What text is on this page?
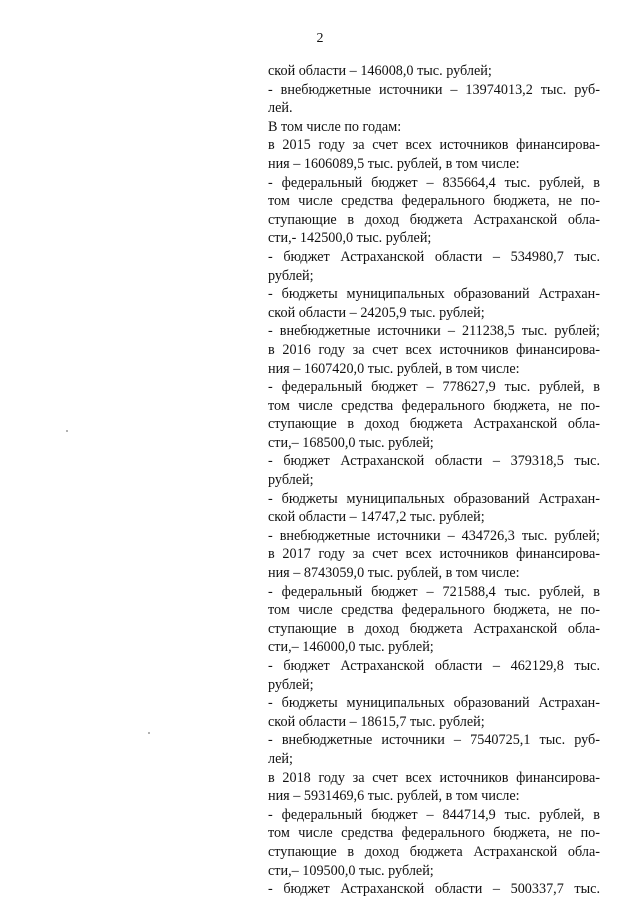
2
ской области – 146008,0 тыс. рублей;
- внебюджетные источники – 13974013,2 тыс. руб-
лей.
В том числе по годам:
в 2015 году за счет всех источников финансирова-
ния – 1606089,5 тыс. рублей, в том числе:
- федеральный бюджет – 835664,4 тыс. рублей, в
том числе средства федерального бюджета, не по-
ступающие в доход бюджета Астраханской обла-
сти,- 142500,0 тыс. рублей;
- бюджет Астраханской области – 534980,7 тыс.
рублей;
- бюджеты муниципальных образований Астрахан-
ской области – 24205,9 тыс. рублей;
- внебюджетные источники – 211238,5 тыс. рублей;
в 2016 году за счет всех источников финансирова-
ния – 1607420,0 тыс. рублей, в том числе:
- федеральный бюджет – 778627,9 тыс. рублей, в
том числе средства федерального бюджета, не по-
ступающие в доход бюджета Астраханской обла-
сти,– 168500,0 тыс. рублей;
- бюджет Астраханской области – 379318,5 тыс.
рублей;
- бюджеты муниципальных образований Астрахан-
ской области – 14747,2 тыс. рублей;
- внебюджетные источники – 434726,3 тыс. рублей;
в 2017 году за счет всех источников финансирова-
ния – 8743059,0 тыс. рублей, в том числе:
- федеральный бюджет – 721588,4 тыс. рублей, в
том числе средства федерального бюджета, не по-
ступающие в доход бюджета Астраханской обла-
сти,– 146000,0 тыс. рублей;
- бюджет Астраханской области – 462129,8 тыс.
рублей;
- бюджеты муниципальных образований Астрахан-
ской области – 18615,7 тыс. рублей;
- внебюджетные источники – 7540725,1 тыс. руб-
лей;
в 2018 году за счет всех источников финансирова-
ния – 5931469,6 тыс. рублей, в том числе:
- федеральный бюджет – 844714,9 тыс. рублей, в
том числе средства федерального бюджета, не по-
ступающие в доход бюджета Астраханской обла-
сти,– 109500,0 тыс. рублей;
- бюджет Астраханской области – 500337,7 тыс.
